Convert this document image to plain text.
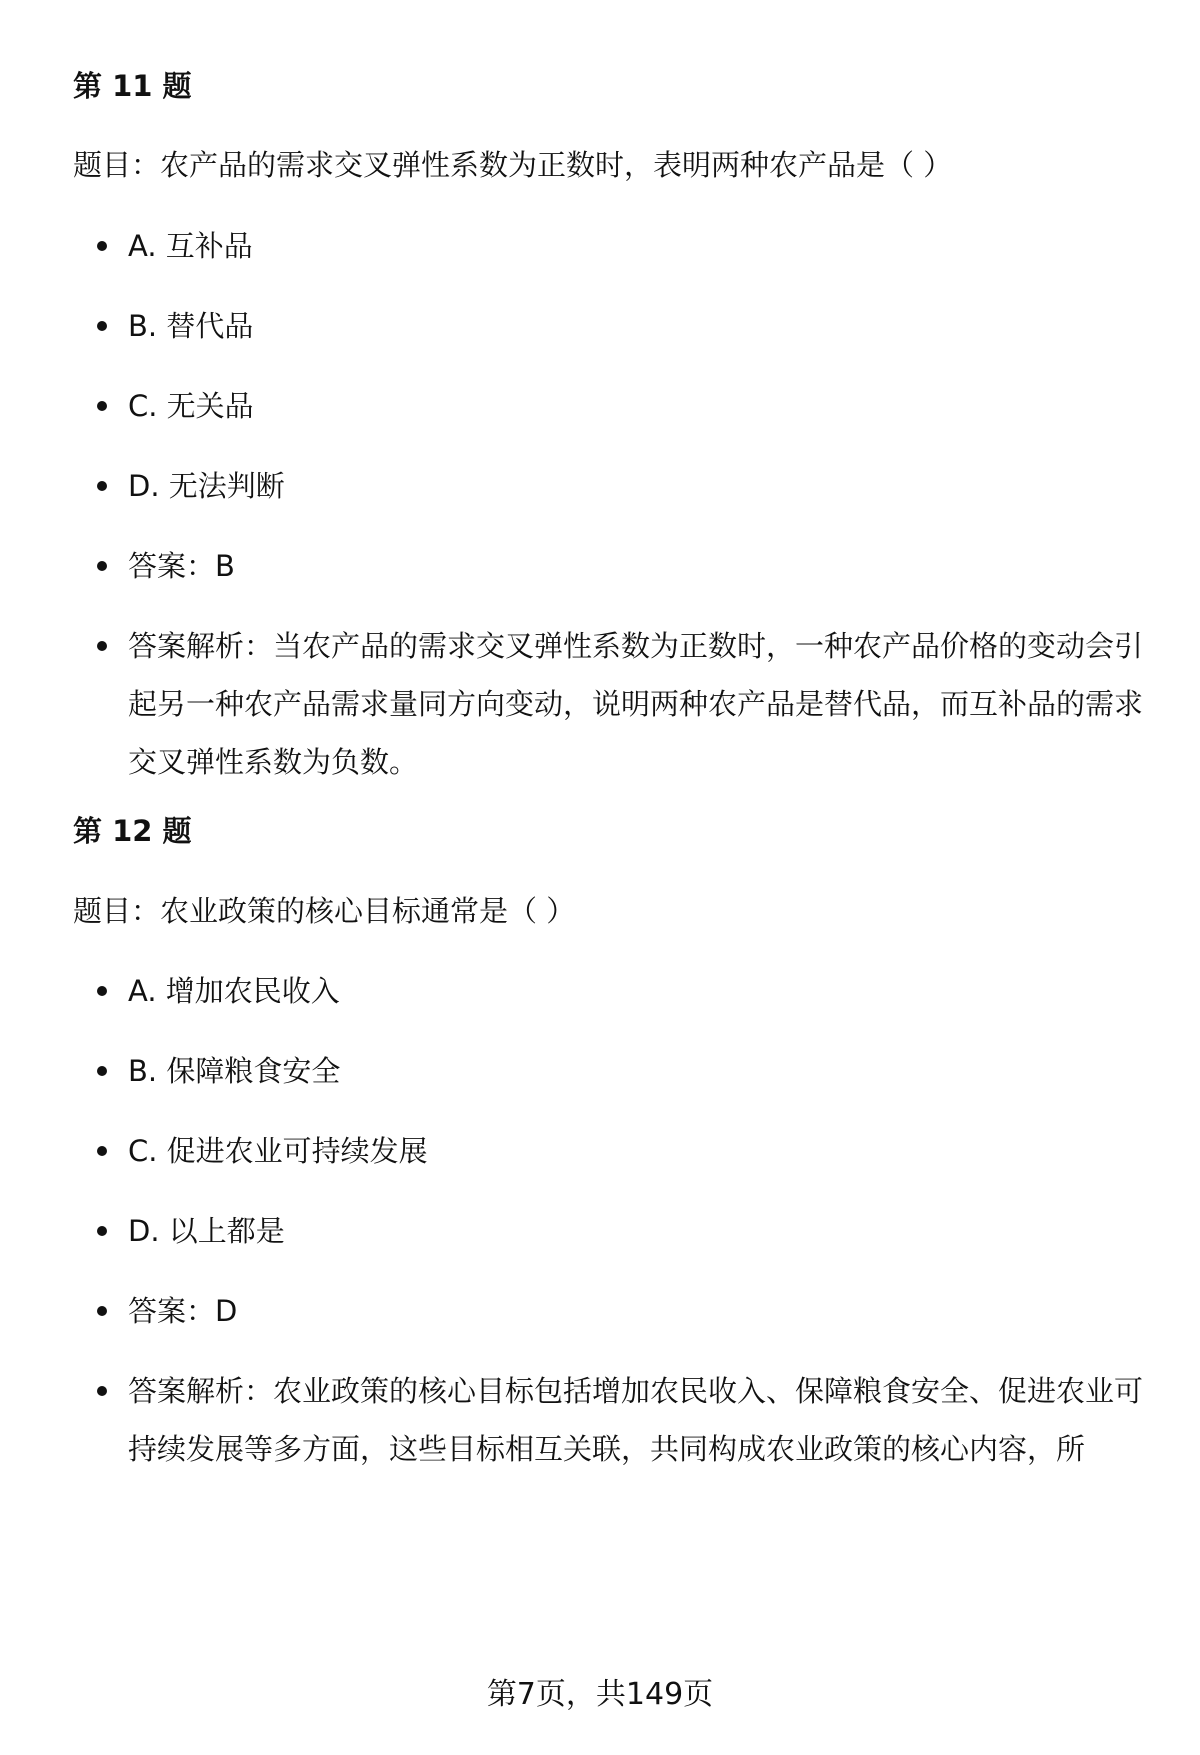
第 11 题

题目：农产品的需求交叉弹性系数为正数时，表明两种农产品是（ ）

A. 互补品
B. 替代品
C. 无关品
D. 无法判断
答案：B
答案解析：当农产品的需求交叉弹性系数为正数时，一种农产品价格的变动会引起另一种农产品需求量同方向变动，说明两种农产品是替代品，而互补品的需求交叉弹性系数为负数。
第 12 题

题目：农业政策的核心目标通常是（ ）

A. 增加农民收入
B. 保障粮食安全
C. 促进农业可持续发展
D. 以上都是
答案：D
答案解析：农业政策的核心目标包括增加农民收入、保障粮食安全、促进农业可持续发展等多方面，这些目标相互关联，共同构成农业政策的核心内容，所
第7页，共149页
